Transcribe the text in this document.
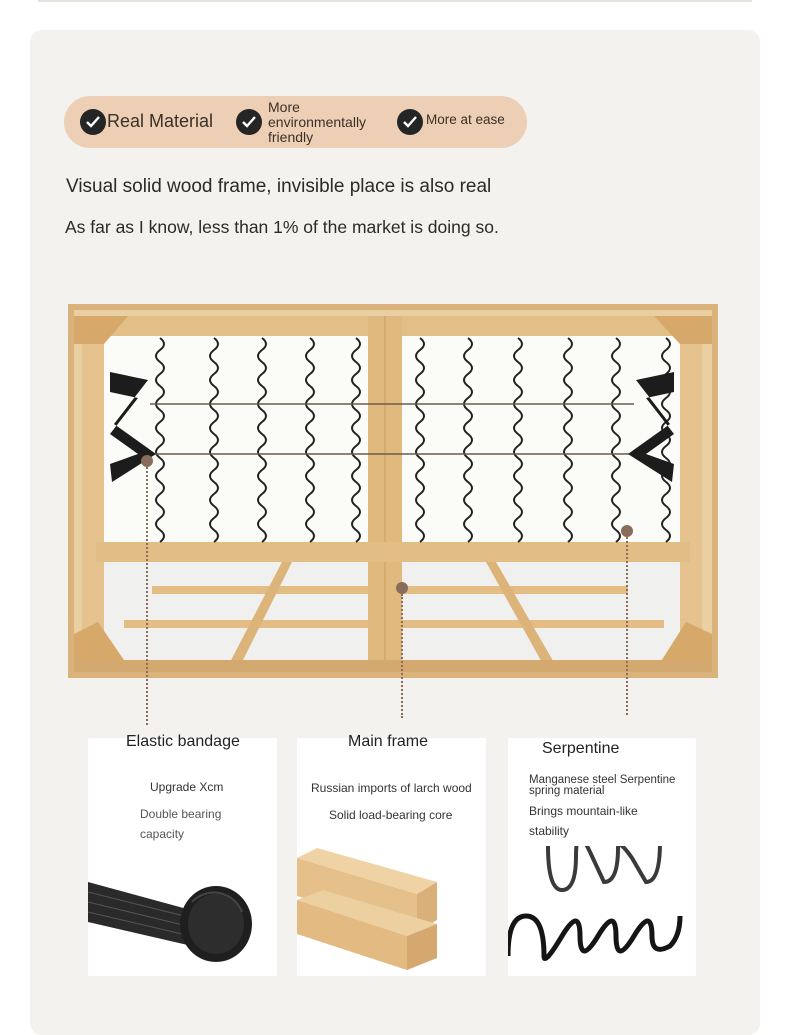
Real Material
More
environmentally
friendly
More at ease
Visual solid wood frame, invisible place is also real
As far as I know, less than 1% of the market is doing so.
Elastic bandage
Upgrade Xcm
Double bearing capacity
Main frame
Russian imports of larch wood
Solid load-bearing core
Serpentine
Manganese steel Serpentine spring material
Brings mountain-like stability
